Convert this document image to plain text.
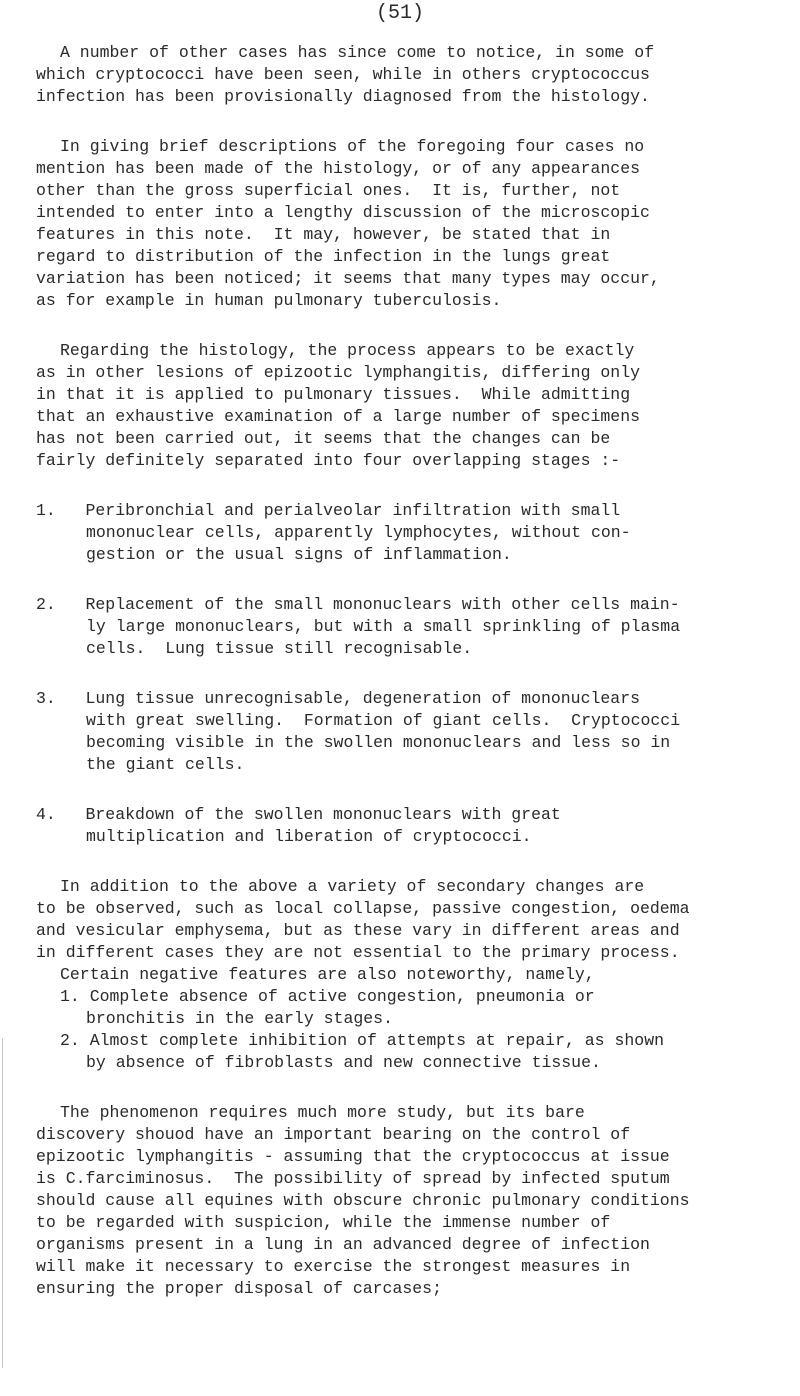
(51)
A number of other cases has since come to notice, in some of
which cryptococci have been seen, while in others cryptococcus
infection has been provisionally diagnosed from the histology.
In giving brief descriptions of the foregoing four cases no
mention has been made of the histology, or of any appearances
other than the gross superficial ones.  It is, further, not
intended to enter into a lengthy discussion of the microscopic
features in this note.  It may, however, be stated that in
regard to distribution of the infection in the lungs great
variation has been noticed; it seems that many types may occur,
as for example in human pulmonary tuberculosis.
Regarding the histology, the process appears to be exactly
as in other lesions of epizootic lymphangitis, differing only
in that it is applied to pulmonary tissues.  While admitting
that an exhaustive examination of a large number of specimens
has not been carried out, it seems that the changes can be
fairly definitely separated into four overlapping stages :-
1.   Peribronchial and perialveolar infiltration with small
mononuclear cells, apparently lymphocytes, without con-
gestion or the usual signs of inflammation.
2.   Replacement of the small mononuclears with other cells main-
ly large mononuclears, but with a small sprinkling of plasma
cells.  Lung tissue still recognisable.
3.   Lung tissue unrecognisable, degeneration of mononuclears
with great swelling.  Formation of giant cells.  Cryptococci
becoming visible in the swollen mononuclears and less so in
the giant cells.
4.   Breakdown of the swollen mononuclears with great
multiplication and liberation of cryptococci.
In addition to the above a variety of secondary changes are
to be observed, such as local collapse, passive congestion, oedema
and vesicular emphysema, but as these vary in different areas and
in different cases they are not essential to the primary process.
Certain negative features are also noteworthy, namely,
1. Complete absence of active congestion, pneumonia or
bronchitis in the early stages.
2. Almost complete inhibition of attempts at repair, as shown
by absence of fibroblasts and new connective tissue.
The phenomenon requires much more study, but its bare
discovery shouod have an important bearing on the control of
epizootic lymphangitis - assuming that the cryptococcus at issue
is C.farciminosus.  The possibility of spread by infected sputum
should cause all equines with obscure chronic pulmonary conditions
to be regarded with suspicion, while the immense number of
organisms present in a lung in an advanced degree of infection
will make it necessary to exercise the strongest measures in
ensuring the proper disposal of carcases;
